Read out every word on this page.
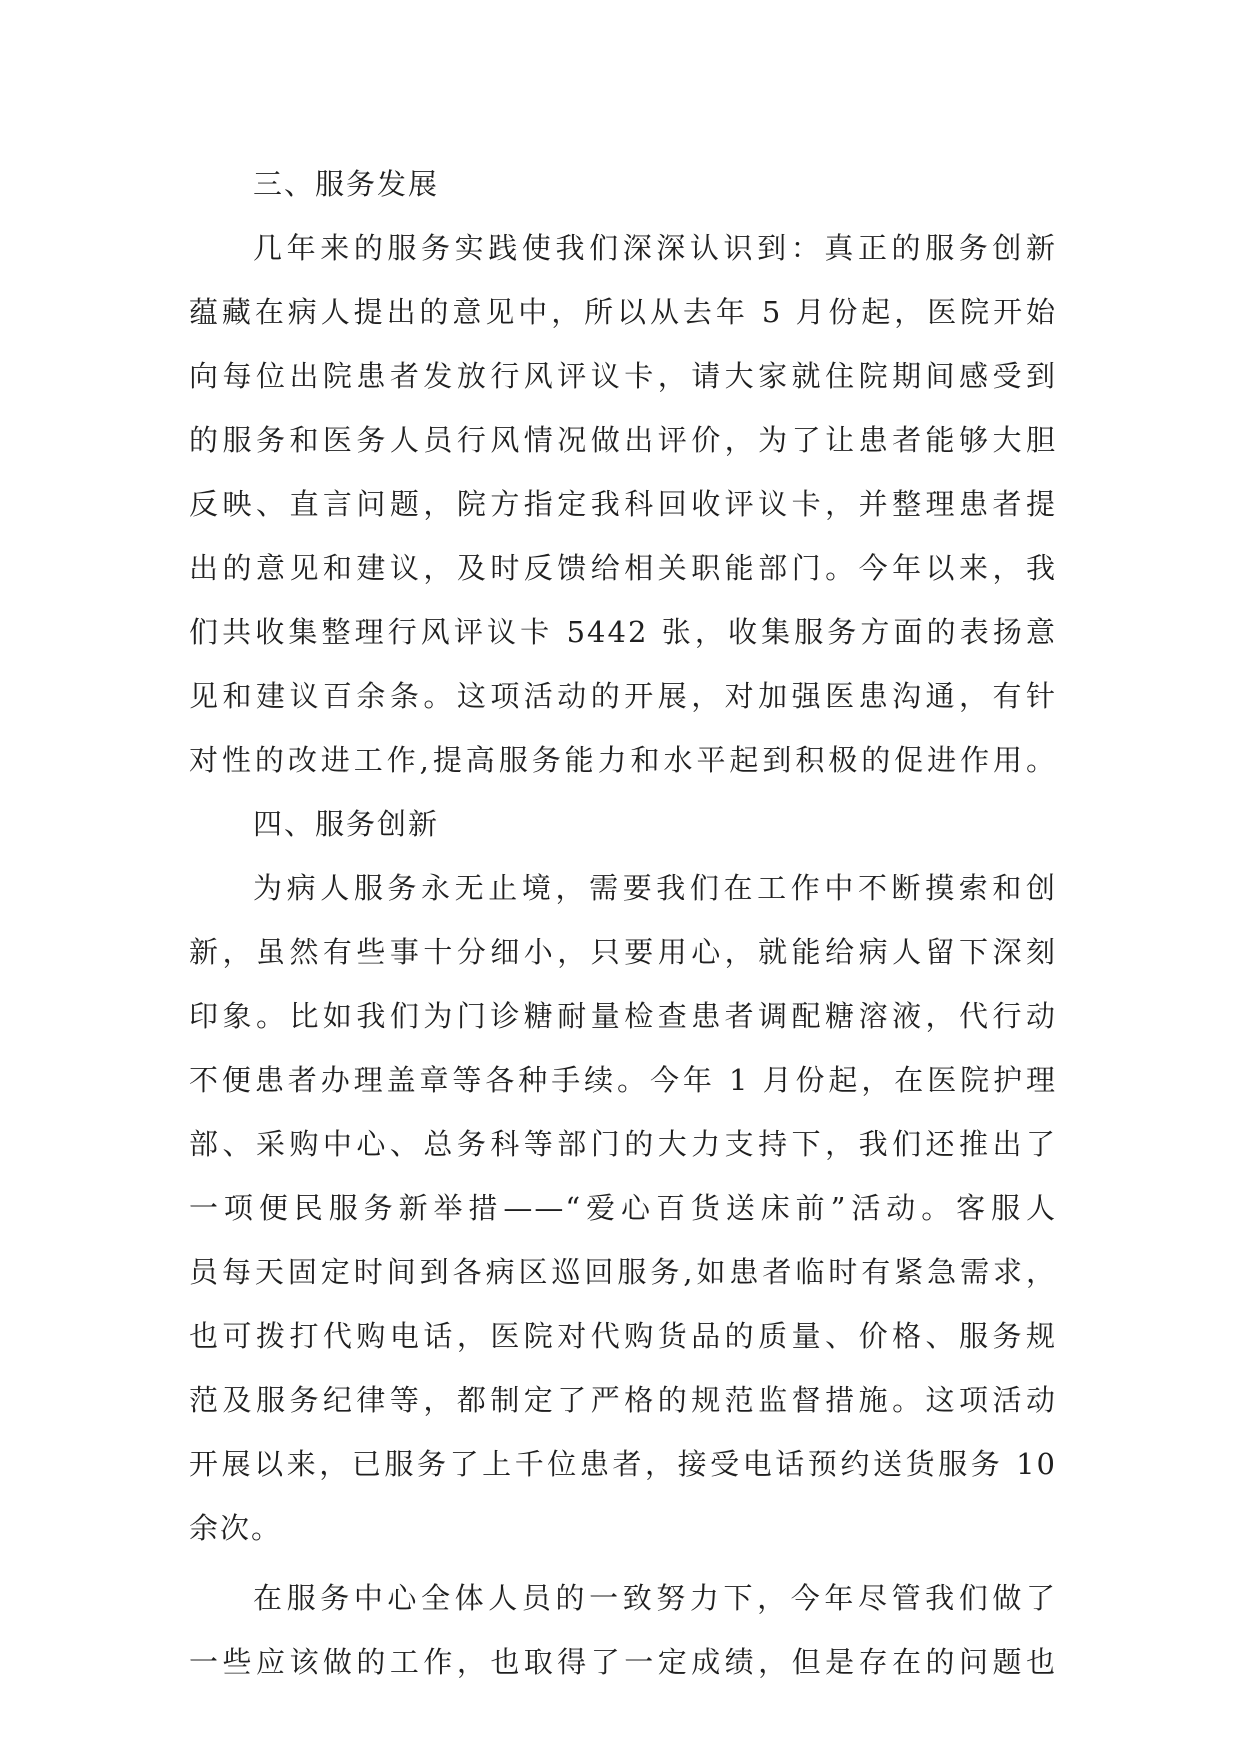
三、服务发展
几年来的服务实践使我们深深认识到：真正的服务创新
蕴藏在病人提出的意见中，所以从去年 5 月份起，医院开始
向每位出院患者发放行风评议卡，请大家就住院期间感受到
的服务和医务人员行风情况做出评价，为了让患者能够大胆
反映、直言问题，院方指定我科回收评议卡，并整理患者提
出的意见和建议，及时反馈给相关职能部门。今年以来，我
们共收集整理行风评议卡 5442 张，收集服务方面的表扬意
见和建议百余条。这项活动的开展，对加强医患沟通，有针
对性的改进工作,提高服务能力和水平起到积极的促进作用。
四、服务创新
为病人服务永无止境，需要我们在工作中不断摸索和创
新，虽然有些事十分细小，只要用心，就能给病人留下深刻
印象。比如我们为门诊糖耐量检查患者调配糖溶液，代行动
不便患者办理盖章等各种手续。今年 1 月份起，在医院护理
部、采购中心、总务科等部门的大力支持下，我们还推出了
一项便民服务新举措——“爱心百货送床前”活动。客服人
员每天固定时间到各病区巡回服务,如患者临时有紧急需求，
也可拨打代购电话，医院对代购货品的质量、价格、服务规
范及服务纪律等，都制定了严格的规范监督措施。这项活动
开展以来，已服务了上千位患者，接受电话预约送货服务 10
余次。
在服务中心全体人员的一致努力下，今年尽管我们做了
一些应该做的工作，也取得了一定成绩，但是存在的问题也
